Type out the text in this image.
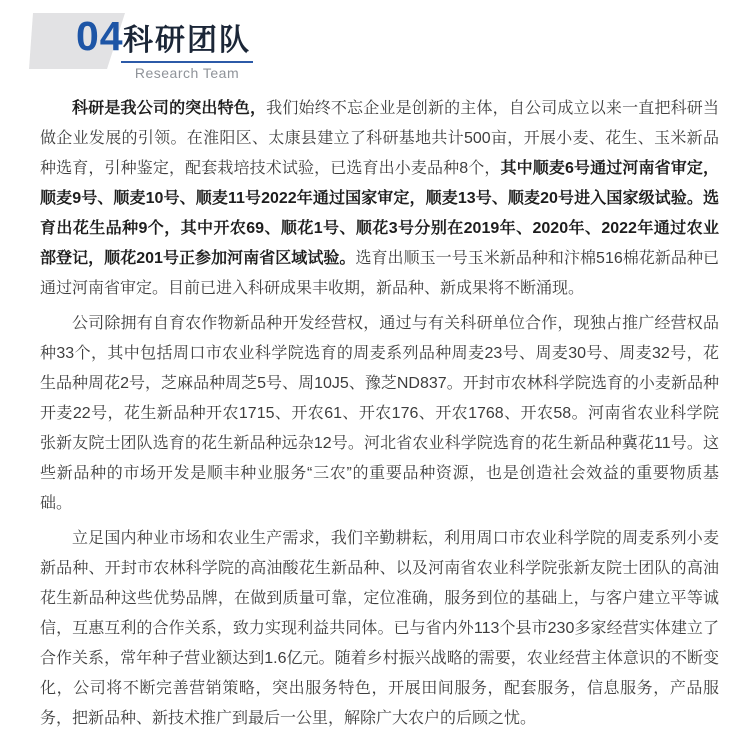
04 科研团队
Research Team

科研是我公司的突出特色，我们始终不忘企业是创新的主体，自公司成立以来一直把科研当做企业发展的引领。在淮阳区、太康县建立了科研基地共计500亩，开展小麦、花生、玉米新品种选育，引种鉴定，配套栽培技术试验，已选育出小麦品种8个，其中顺麦6号通过河南省审定，顺麦9号、顺麦10号、顺麦11号2022年通过国家审定，顺麦13号、顺麦20号进入国家级试验。选育出花生品种9个，其中开农69、顺花1号、顺花3号分别在2019年、2020年、2022年通过农业部登记，顺花201号正参加河南省区域试验。选育出顺玉一号玉米新品种和汴棉516棉花新品种已通过河南省审定。目前已进入科研成果丰收期，新品种、新成果将不断涌现。

公司除拥有自育农作物新品种开发经营权，通过与有关科研单位合作，现独占推广经营权品种33个，其中包括周口市农业科学院选育的周麦系列品种周麦23号、周麦30号、周麦32号，花生品种周花2号，芝麻品种周芝5号、周10J5、豫芝ND837。开封市农林科学院选育的小麦新品种开麦22号，花生新品种开农1715、开农61、开农176、开农1768、开农58。河南省农业科学院张新友院士团队选育的花生新品种远杂12号。河北省农业科学院选育的花生新品种冀花11号。这些新品种的市场开发是顺丰种业服务“三农”的重要品种资源，也是创造社会效益的重要物质基础。

立足国内种业市场和农业生产需求，我们辛勤耕耘，利用周口市农业科学院的周麦系列小麦新品种、开封市农林科学院的高油酸花生新品种、以及河南省农业科学院张新友院士团队的高油花生新品种这些优势品牌，在做到质量可靠，定位准确，服务到位的基础上，与客户建立平等诚信，互惠互利的合作关系，致力实现利益共同体。已与省内外113个县市230多家经营实体建立了合作关系，常年种子营业额达到1.6亿元。随着乡村振兴战略的需要，农业经营主体意识的不断变化，公司将不断完善营销策略，突出服务特色，开展田间服务，配套服务，信息服务，产品服务，把新品种、新技术推广到最后一公里，解除广大农户的后顾之忧。
